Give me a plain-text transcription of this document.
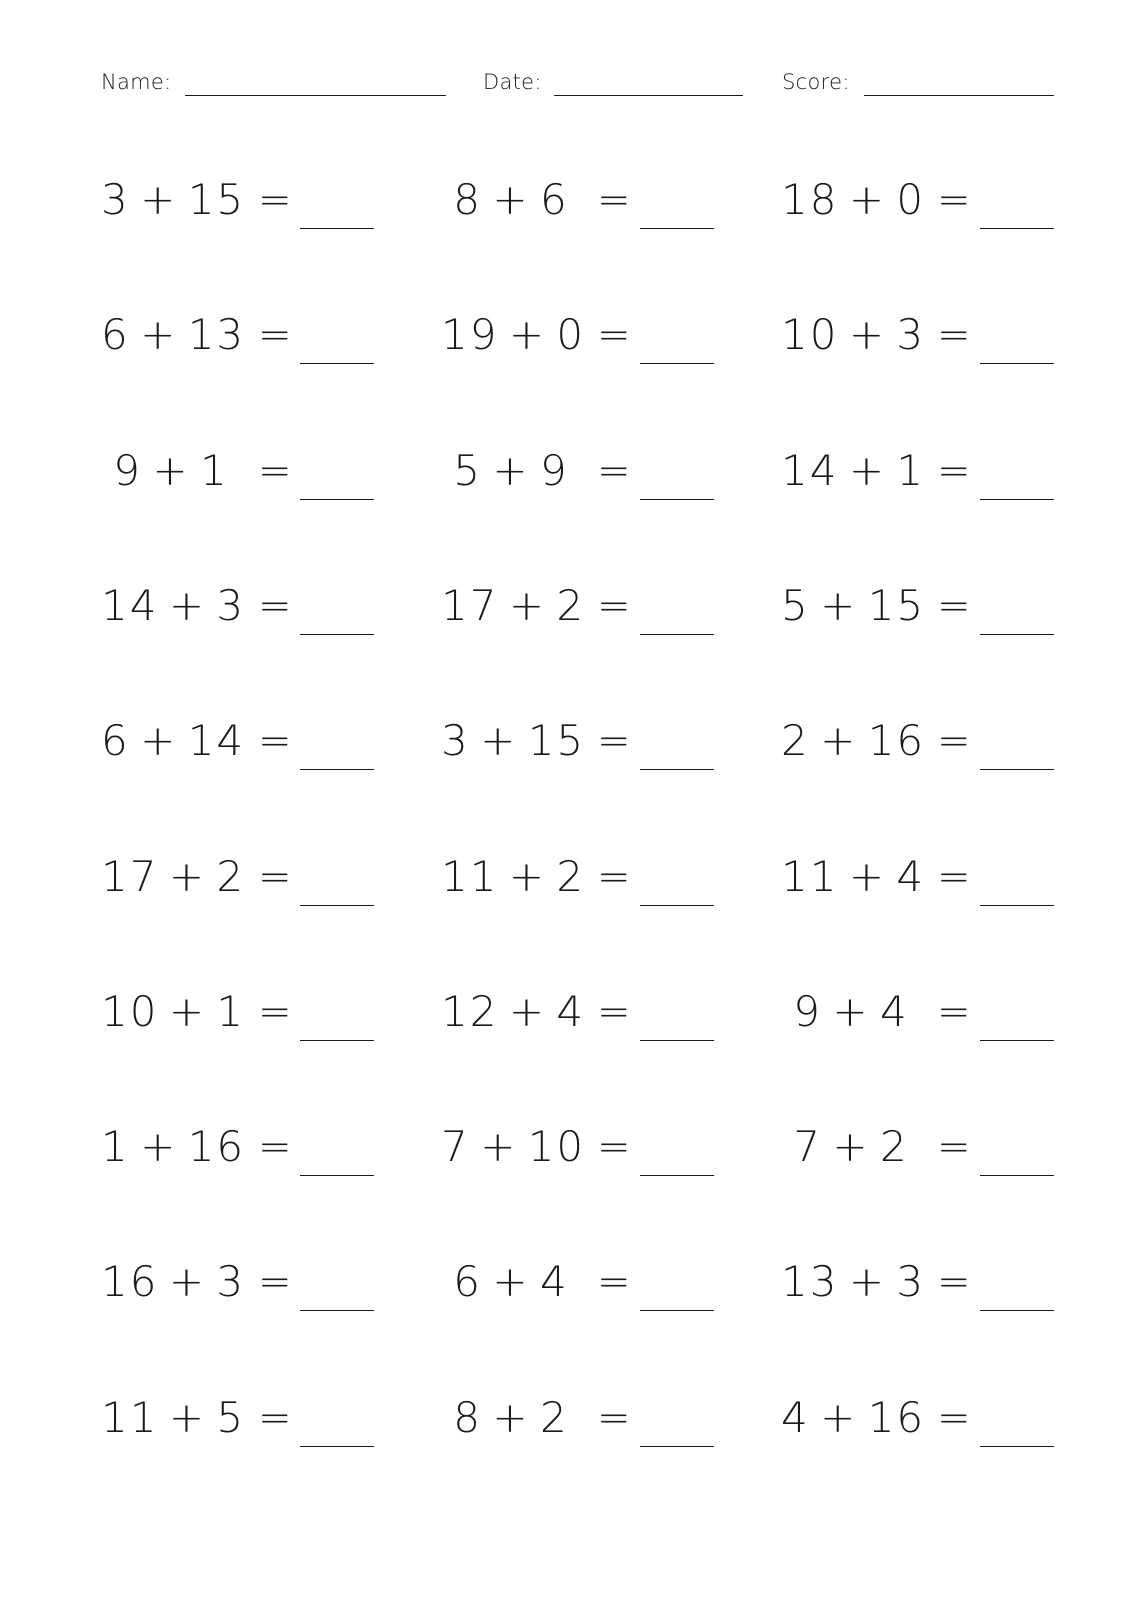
Name:	Date:	Score:
3 + 15 =	8 + 6 =	18 + 0 =
6 + 13 =	19 + 0 =	10 + 3 =
9 + 1 =	5 + 9 =	14 + 1 =
14 + 3 =	17 + 2 =	5 + 15 =
6 + 14 =	3 + 15 =	2 + 16 =
17 + 2 =	11 + 2 =	11 + 4 =
10 + 1 =	12 + 4 =	9 + 4 =
1 + 16 =	7 + 10 =	7 + 2 =
16 + 3 =	6 + 4 =	13 + 3 =
11 + 5 =	8 + 2 =	4 + 16 =
